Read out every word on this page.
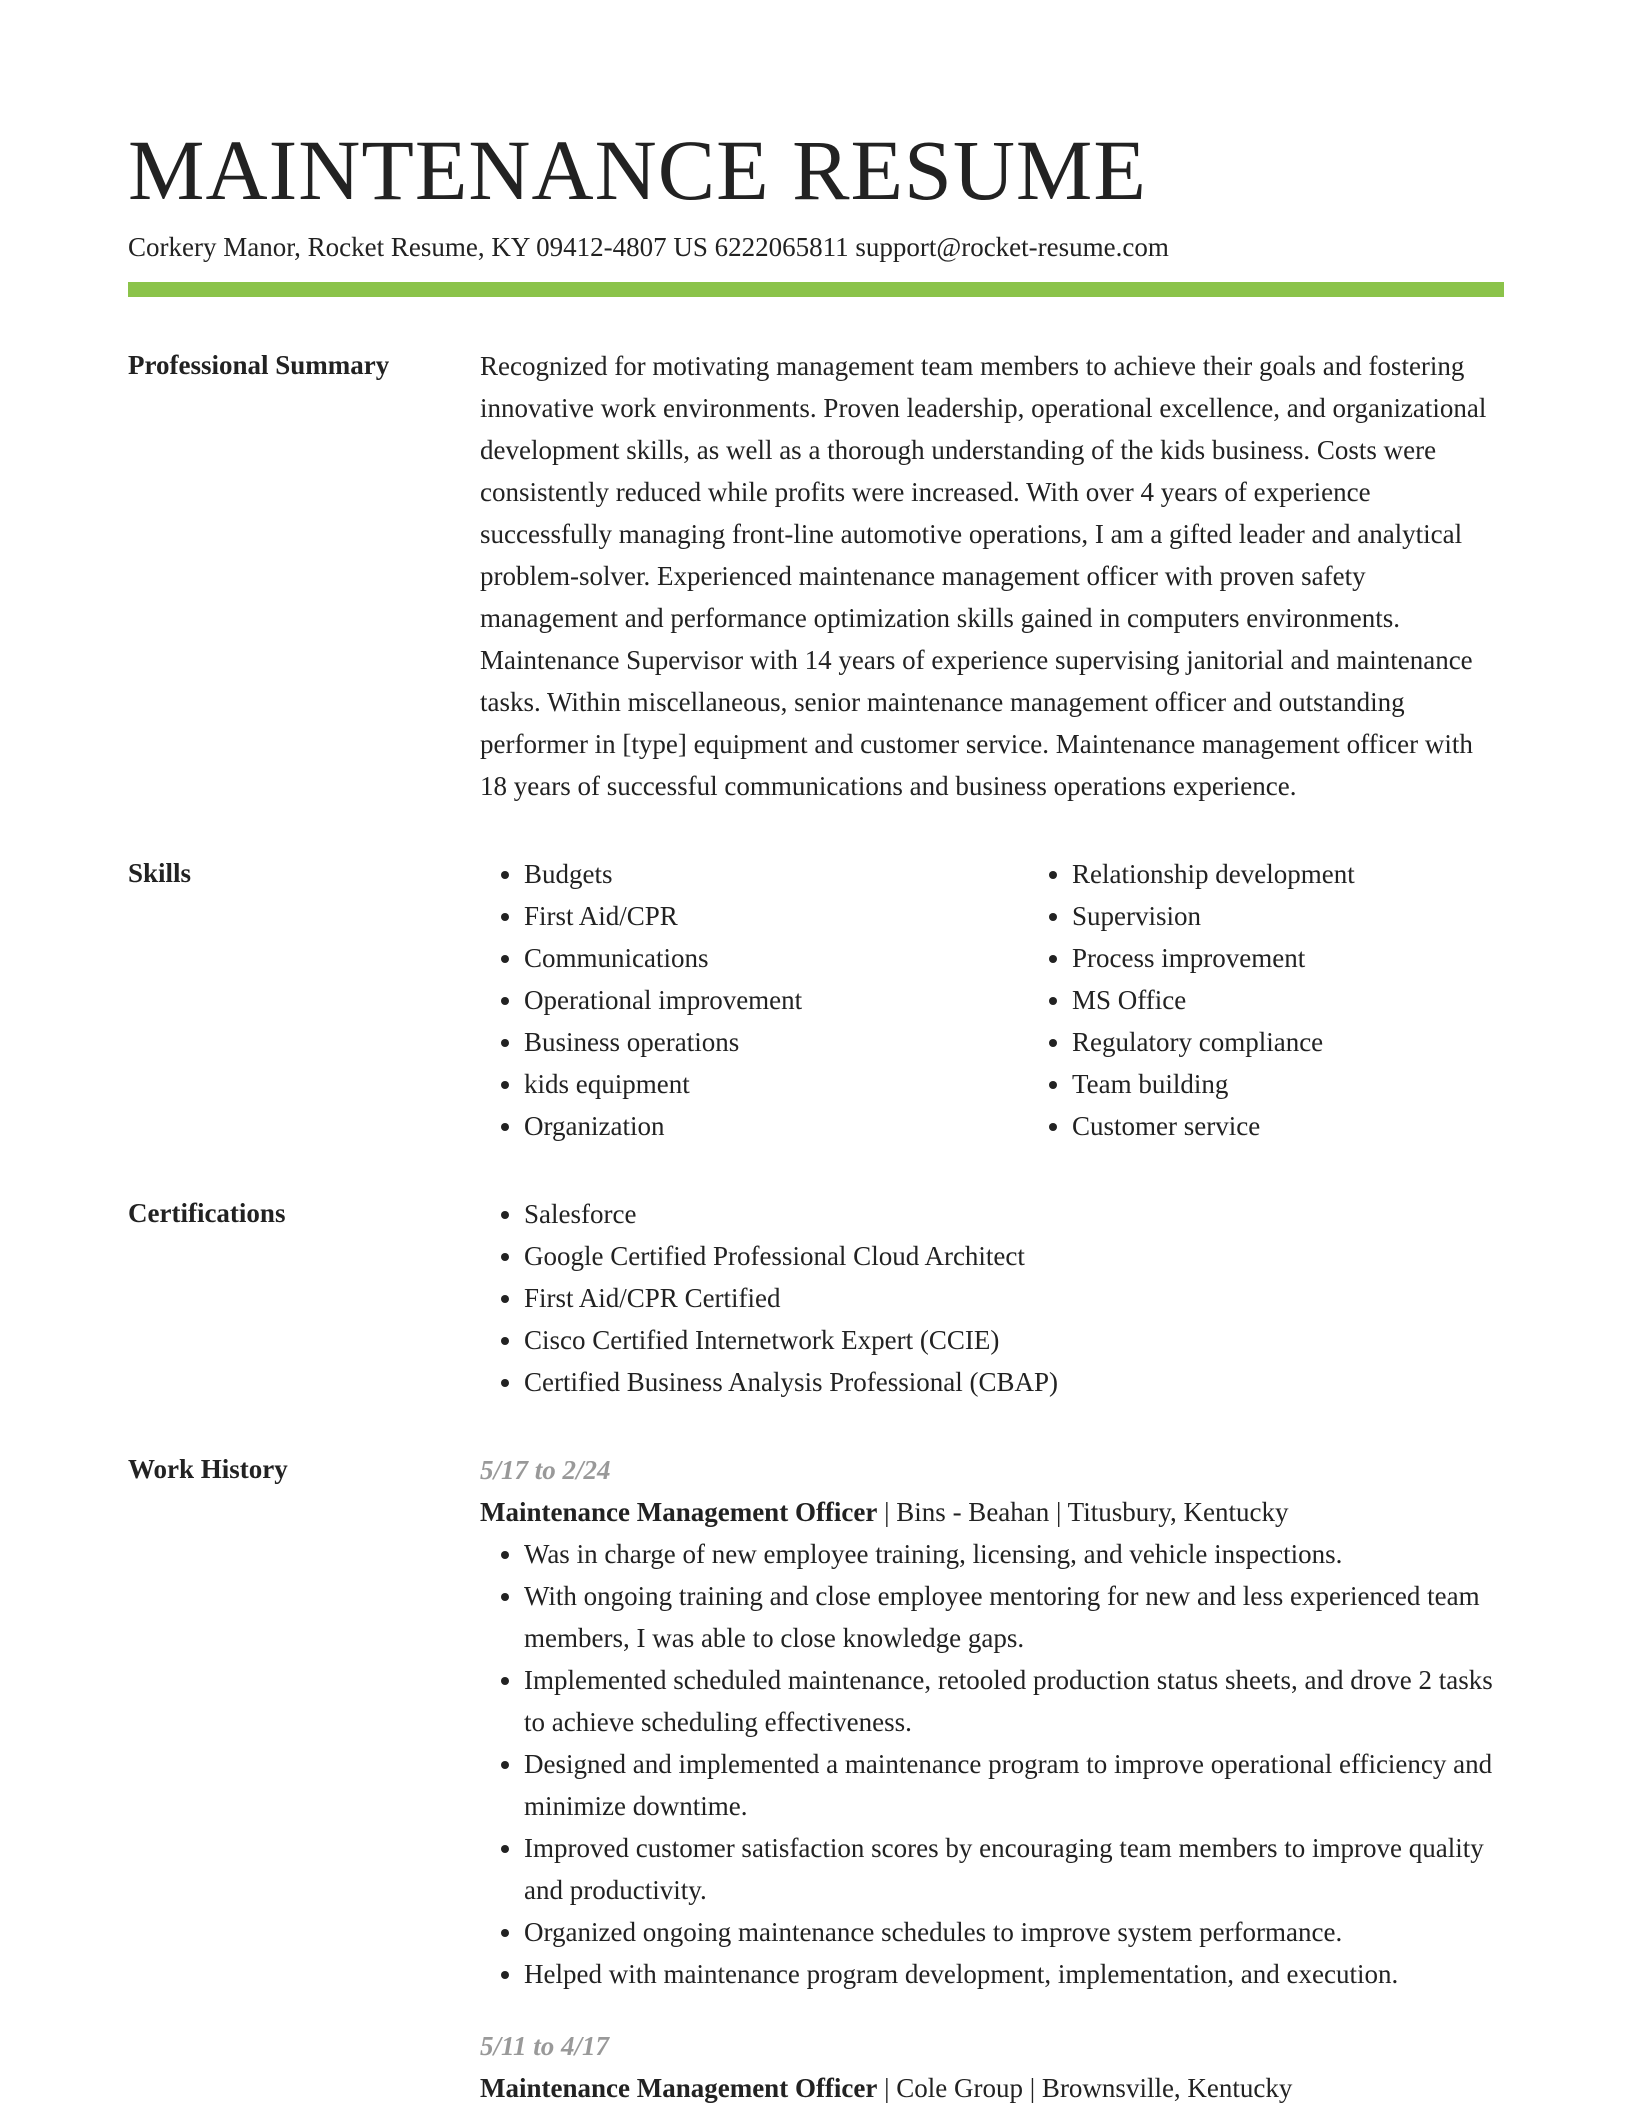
MAINTENANCE RESUME
Corkery Manor, Rocket Resume, KY 09412-4807 US 6222065811 support@rocket-resume.com
Professional Summary	Recognized for motivating management team members to achieve their goals and fostering innovative work environments. Proven leadership, operational excellence, and organizational development skills, as well as a thorough understanding of the kids business. Costs were consistently reduced while profits were increased. With over 4 years of experience successfully managing front-line automotive operations, I am a gifted leader and analytical problem-solver. Experienced maintenance management officer with proven safety management and performance optimization skills gained in computers environments. Maintenance Supervisor with 14 years of experience supervising janitorial and maintenance tasks. Within miscellaneous, senior maintenance management officer and outstanding performer in [type] equipment and customer service. Maintenance management officer with 18 years of successful communications and business operations experience.

Skills	• Budgets
• First Aid/CPR
• Communications
• Operational improvement
• Business operations
• kids equipment
• Organization
• Relationship development
• Supervision
• Process improvement
• MS Office
• Regulatory compliance
• Team building
• Customer service
Certifications	• Salesforce
• Google Certified Professional Cloud Architect
• First Aid/CPR Certified
• Cisco Certified Internetwork Expert (CCIE)
• Certified Business Analysis Professional (CBAP)
Work History	5/17 to 2/24
Maintenance Management Officer | Bins - Beahan | Titusbury, Kentucky
• Was in charge of new employee training, licensing, and vehicle inspections.
• With ongoing training and close employee mentoring for new and less experienced team members, I was able to close knowledge gaps.
• Implemented scheduled maintenance, retooled production status sheets, and drove 2 tasks to achieve scheduling effectiveness.
• Designed and implemented a maintenance program to improve operational efficiency and minimize downtime.
• Improved customer satisfaction scores by encouraging team members to improve quality and productivity.
• Organized ongoing maintenance schedules to improve system performance.
• Helped with maintenance program development, implementation, and execution.
5/11 to 4/17
Maintenance Management Officer | Cole Group | Brownsville, Kentucky
